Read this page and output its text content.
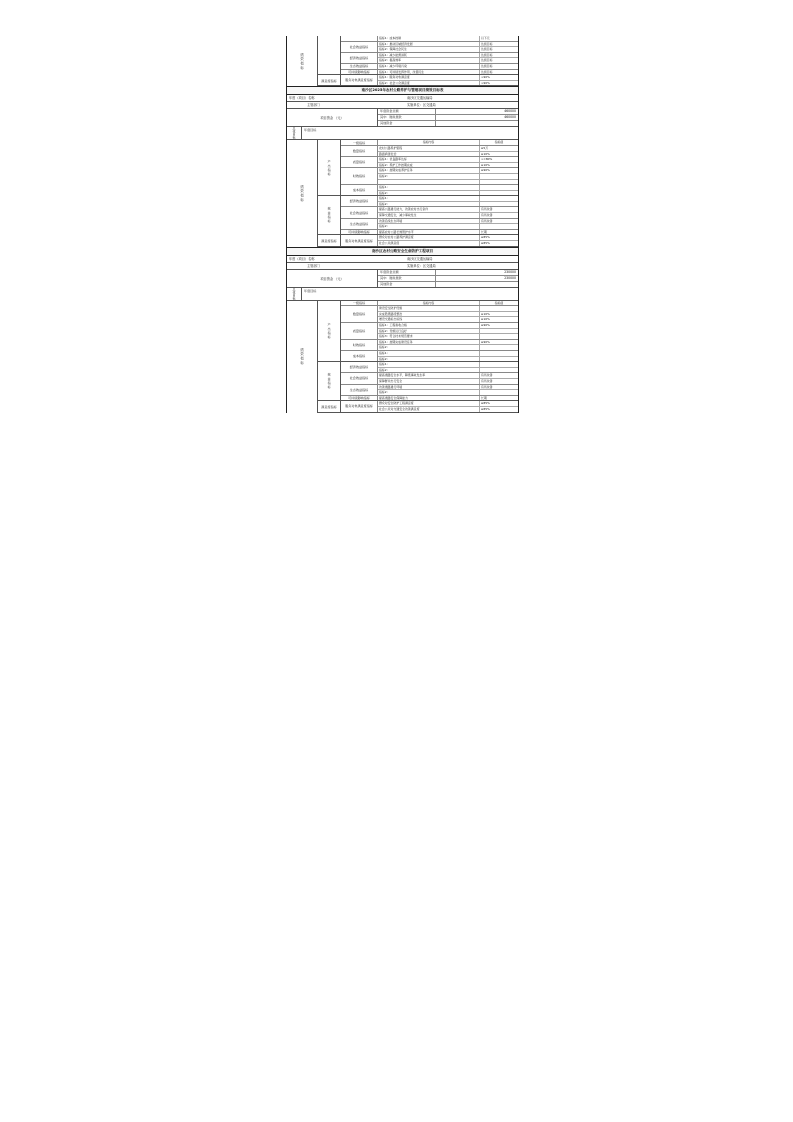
绩效指标
指标1：成本控制	以下元
社会效益指标
指标1：推动区域经济发展	达到目标
指标2：保障社会民生	达到目标
经济效益指标
指标1：减少能源消耗	达到目标
指标2：提高效率	达到目标
生态效益指标	指标1：减少环境污染	达到目标
可持续影响指标	指标1：可持续发挥作用，改善民生	达到目标
满意度指标	服务对象满意度指标
指标1：服务对象满意度	>90%
指标2：社会公众满意度	>90%
南沙区2025年农村公路养护与管理项目绩效目标表
年度（项目）名称	南沙区交通运输局
主管部门	实施单位：区交通局
项目资金 （元）
年度资金总额	460000
其中：财政拨款	460000
其他资金
总体目标	年度目标
绩效指标
产出指标
一级指标	指标内容	指标值
数量指标
农村公路养护里程	≥5万
路面病害处治	≥10%
质量指标
指标1：优良路率达标	>=80%
指标2：养护工作按期完成	≥10%
时效指标
指标1：按期完成养护任务	≥90%
指标2：
成本指标
指标1：
指标2：
效益指标
经济效益指标
指标1：
指标2：
社会效益指标
提高公路通行能力，改善农村出行条件	有所改善
保障交通安全，减少事故发生	有所改善
生态效益指标
改善沿线生态环境	有所改善
指标2：
可持续影响指标	提高农村公路长效管护水平	长期
满意度指标	服务对象满意度指标
群众对农村公路养护满意度	≥85%
社会公众满意度	≥85%
南沙区农村公路安全生命防护工程项目
年度（项目）名称	南沙区交通运输局
主管部门	实施单位：区交通局
项目资金 （元）
年度资金总额	230000
其中：财政拨款	230000
其他资金
总体目标	年度目标
绩效指标
产出指标
一级指标	指标内容	指标值
数量指标
建设安全防护设施
完成隐患路段整治	≥10%
增设交通标志标线	≥10%
质量指标
指标1：工程验收合格	≥90%
指标2：设施运行良好
指标3：符合技术规范要求
时效指标
指标1：按期完成建设任务	≥90%
指标2：
成本指标
指标1：
指标2：
效益指标
经济效益指标
指标1：
指标2：
社会效益指标
提高道路安全水平，降低事故发生率	有所改善
保障群众出行安全	有所改善
生态效益指标
改善道路通行环境	有所改善
指标2：
可持续影响指标	提高道路安全保障能力	长期
满意度指标	服务对象满意度指标
群众对安全防护工程满意度	≥85%
社会公众对交通安全改善满意度	≥85%
